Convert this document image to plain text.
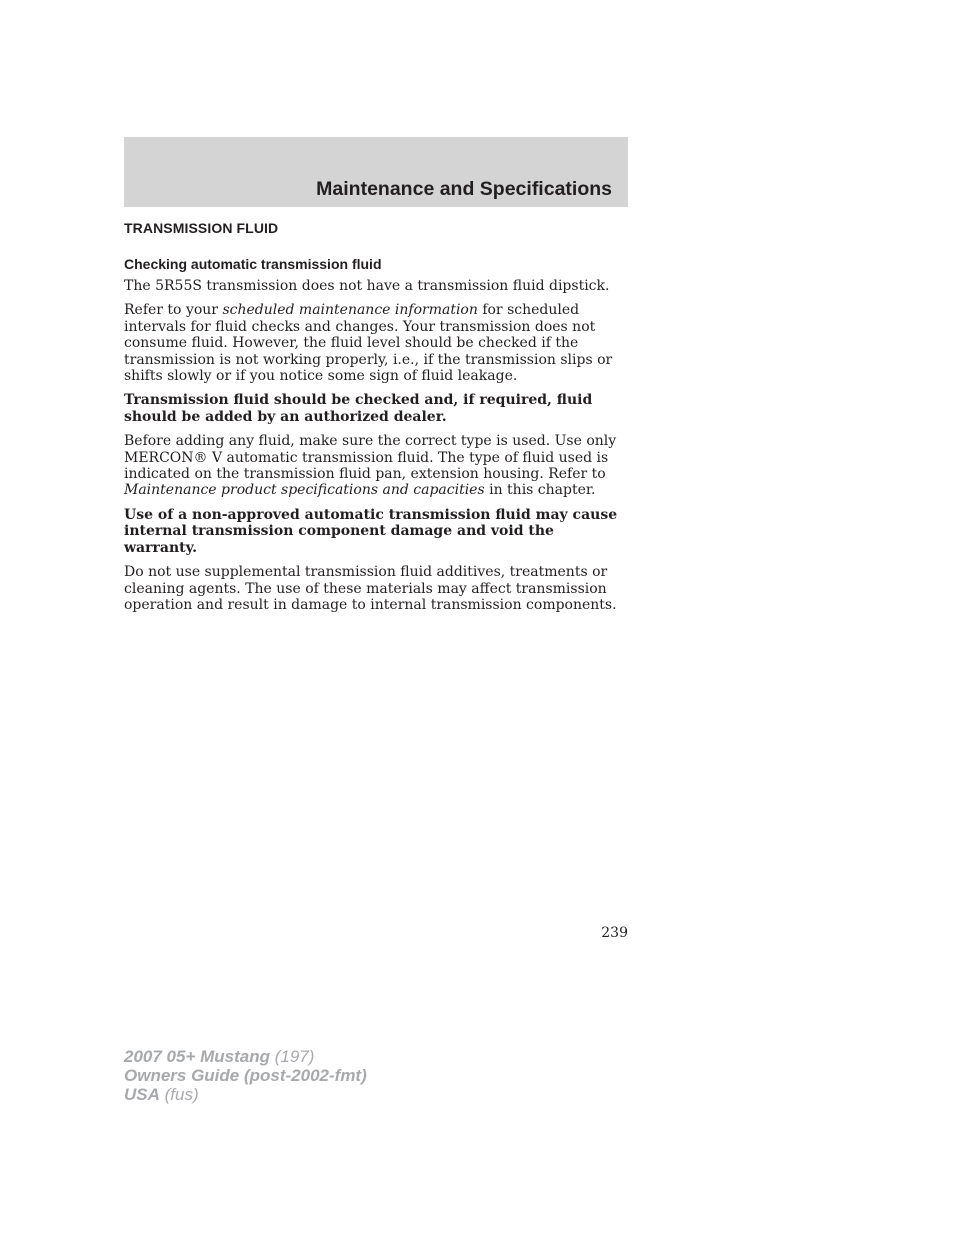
Maintenance and Specifications
TRANSMISSION FLUID
Checking automatic transmission fluid

The 5R55S transmission does not have a transmission fluid dipstick.

Refer to your scheduled maintenance information for scheduled intervals for fluid checks and changes. Your transmission does not consume fluid. However, the fluid level should be checked if the transmission is not working properly, i.e., if the transmission slips or shifts slowly or if you notice some sign of fluid leakage.

Transmission fluid should be checked and, if required, fluid should be added by an authorized dealer.

Before adding any fluid, make sure the correct type is used. Use only MERCON® V automatic transmission fluid. The type of fluid used is indicated on the transmission fluid pan, extension housing. Refer to Maintenance product specifications and capacities in this chapter.

Use of a non-approved automatic transmission fluid may cause internal transmission component damage and void the warranty.

Do not use supplemental transmission fluid additives, treatments or cleaning agents. The use of these materials may affect transmission operation and result in damage to internal transmission components.

239
2007 05+ Mustang (197)
Owners Guide (post-2002-fmt)
USA (fus)
